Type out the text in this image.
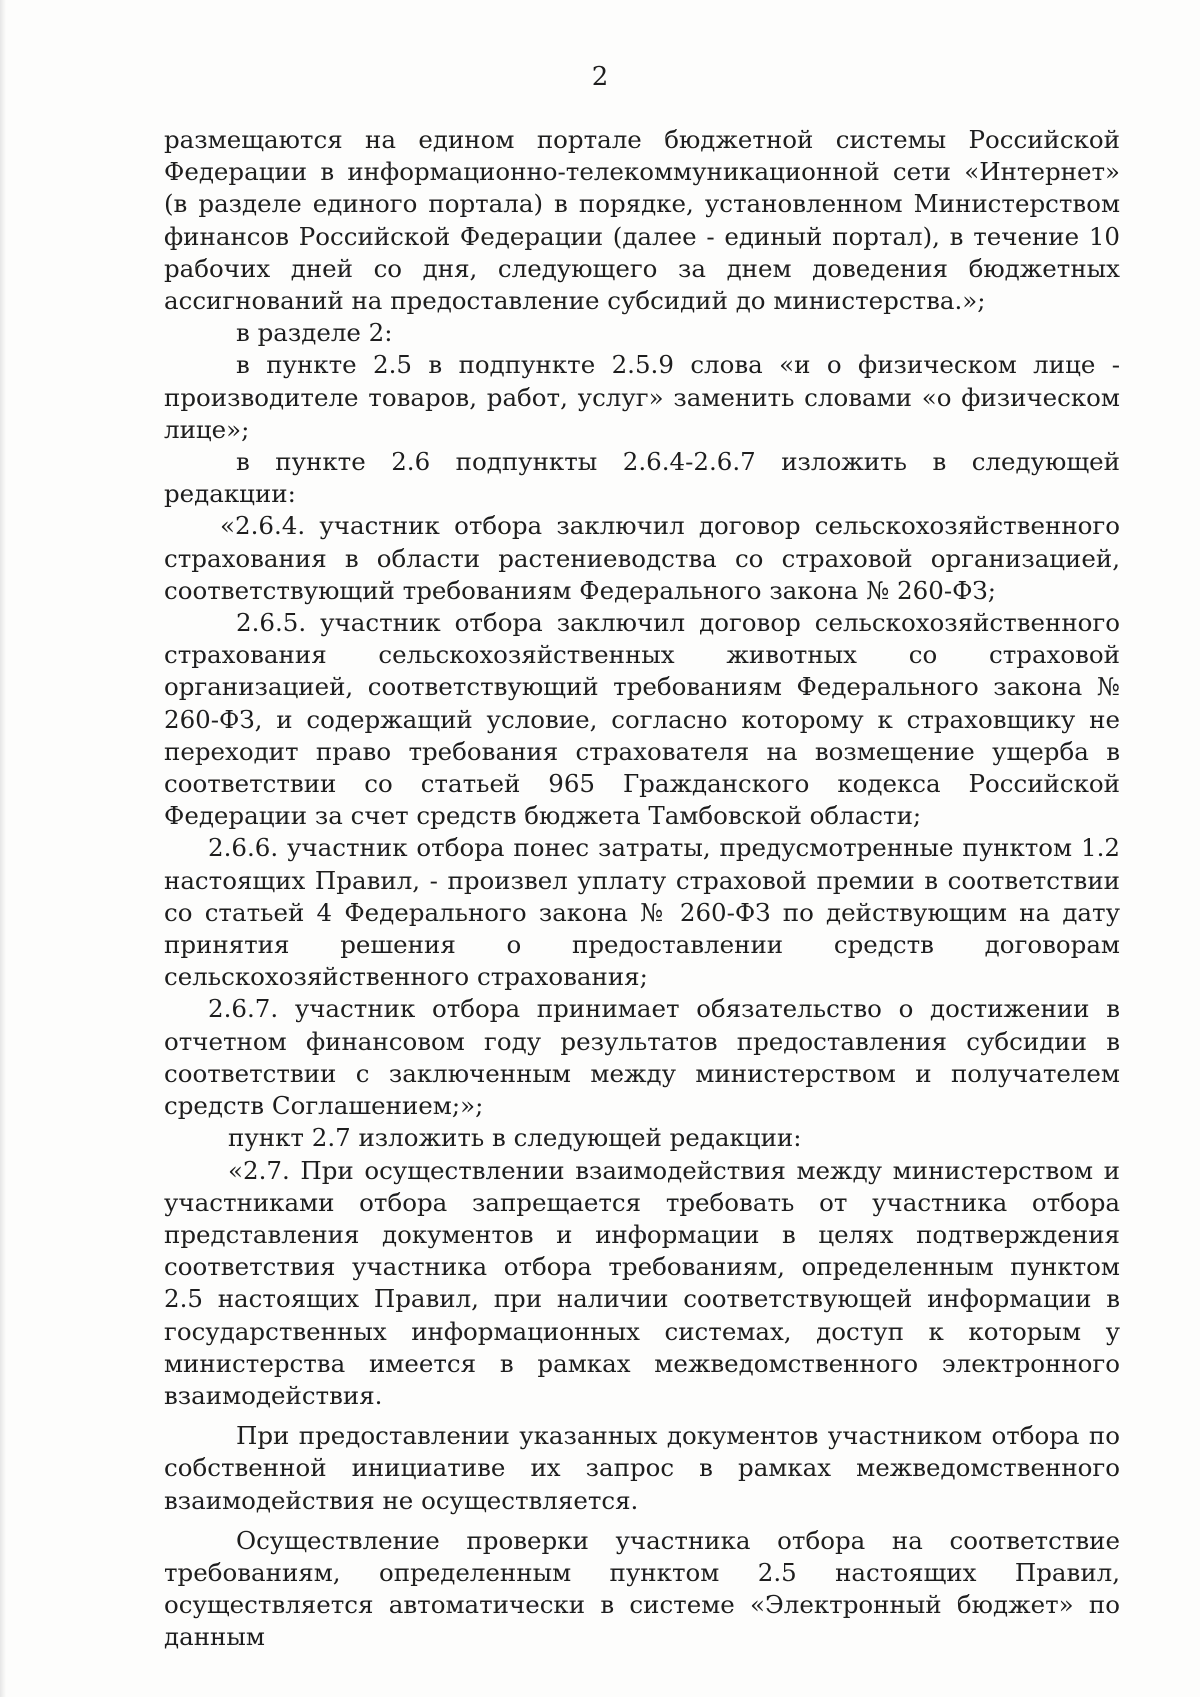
2

размещаются на едином портале бюджетной системы Российской Федерации в информационно-телекоммуникационной сети «Интернет» (в разделе единого портала) в порядке, установленном Министерством финансов Российской Федерации (далее - единый портал), в течение 10 рабочих дней со дня, следующего за днем доведения бюджетных ассигнований на предоставление субсидий до министерства.»;

в разделе 2:

в пункте 2.5 в подпункте 2.5.9 слова «и о физическом лице - производителе товаров, работ, услуг» заменить словами «о физическом лице»;

в пункте 2.6 подпункты 2.6.4-2.6.7 изложить в следующей редакции:

«2.6.4. участник отбора заключил договор сельскохозяйственного страхования в области растениеводства со страховой организацией, соответствующий требованиям Федерального закона № 260-ФЗ;

2.6.5. участник отбора заключил договор сельскохозяйственного страхования сельскохозяйственных животных со страховой организацией, соответствующий требованиям Федерального закона № 260-ФЗ, и содержащий условие, согласно которому к страховщику не переходит право требования страхователя на возмещение ущерба в соответствии со статьей 965 Гражданского кодекса Российской Федерации за счет средств бюджета Тамбовской области;

2.6.6. участник отбора понес затраты, предусмотренные пунктом 1.2 настоящих Правил, - произвел уплату страховой премии в соответствии со статьей 4 Федерального закона № 260-ФЗ по действующим на дату принятия решения о предоставлении средств договорам сельскохозяйственного страхования;

2.6.7. участник отбора принимает обязательство о достижении в отчетном финансовом году результатов предоставления субсидии в соответствии с заключенным между министерством и получателем средств Соглашением;»;

пункт 2.7 изложить в следующей редакции:

«2.7. При осуществлении взаимодействия между министерством и участниками отбора запрещается требовать от участника отбора представления документов и информации в целях подтверждения соответствия участника отбора требованиям, определенным пунктом 2.5 настоящих Правил, при наличии соответствующей информации в государственных информационных системах, доступ к которым у министерства имеется в рамках межведомственного электронного взаимодействия.

При предоставлении указанных документов участником отбора по собственной инициативе их запрос в рамках межведомственного взаимодействия не осуществляется.

Осуществление проверки участника отбора на соответствие требованиям, определенным пунктом 2.5 настоящих Правил, осуществляется автоматически в системе «Электронный бюджет» по данным
